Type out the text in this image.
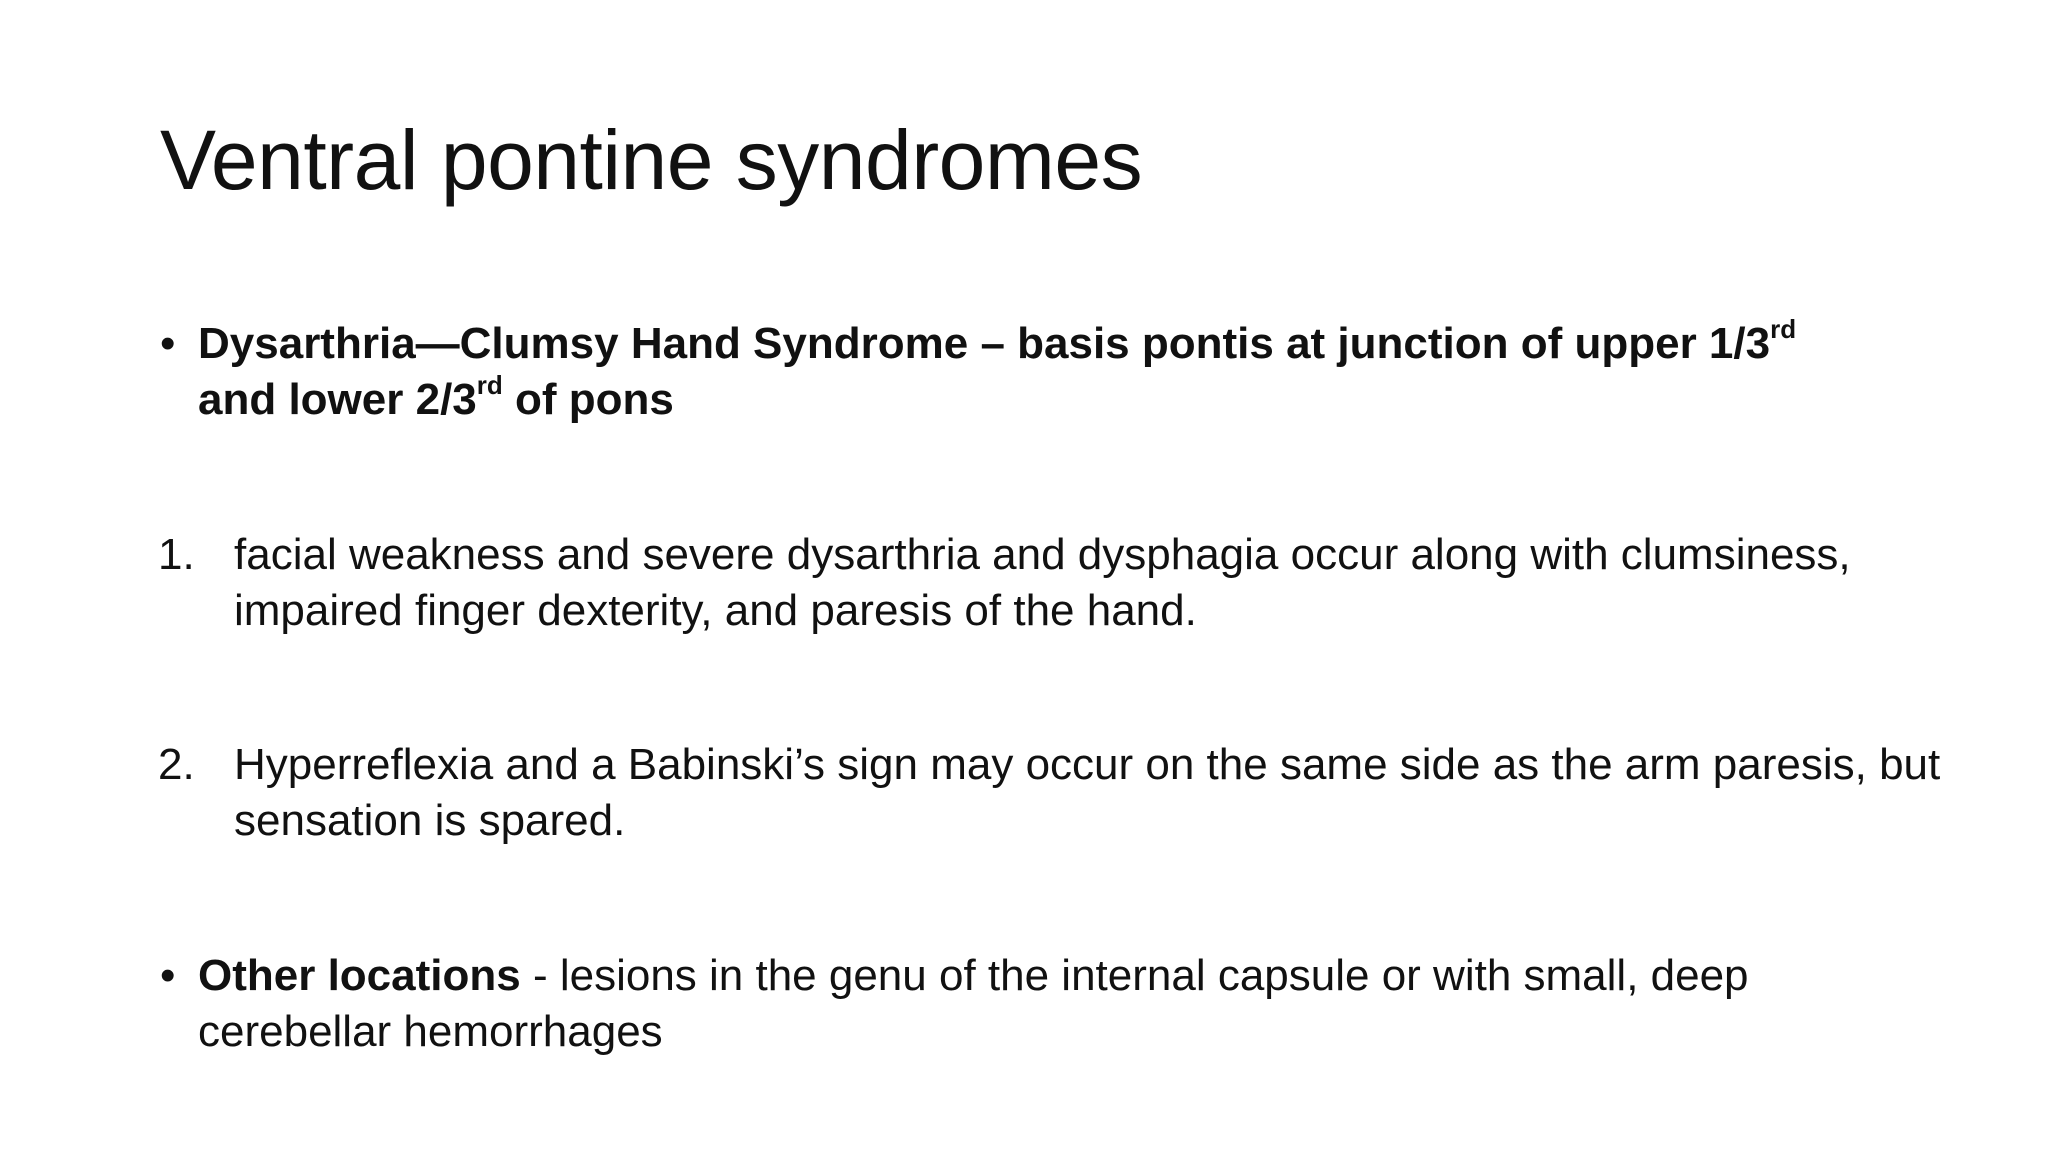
Ventral pontine syndromes
• Dysarthria—Clumsy Hand Syndrome – basis pontis at junction of upper 1/3rd
and lower 2/3rd of pons
1. facial weakness and severe dysarthria and dysphagia occur along with clumsiness, impaired finger dexterity, and paresis of the hand.
2. Hyperreflexia and a Babinski’s sign may occur on the same side as the arm paresis, but sensation is spared.
• Other locations - lesions in the genu of the internal capsule or with small, deep cerebellar hemorrhages
